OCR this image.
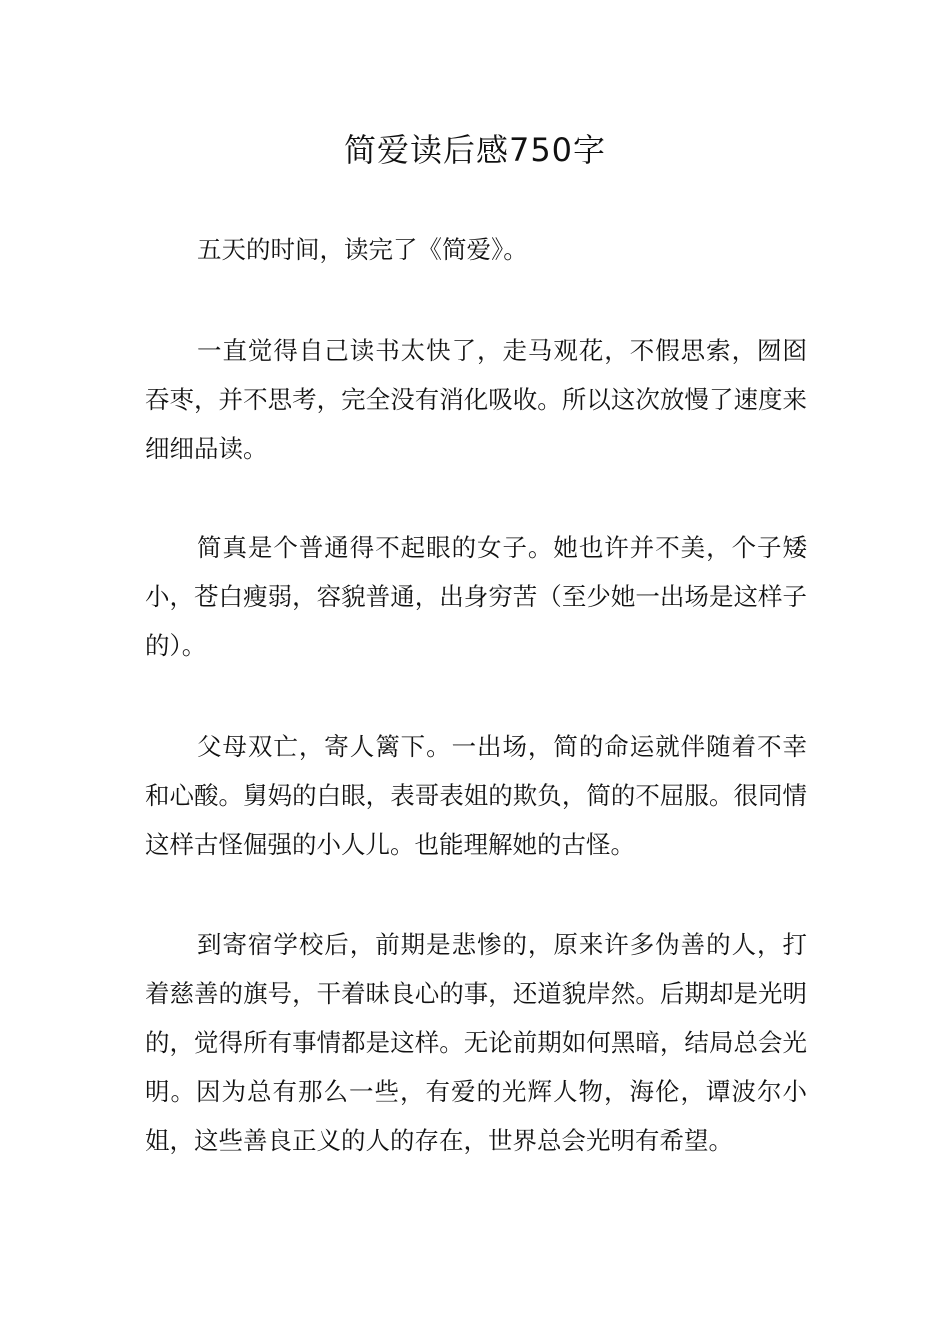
简爱读后感750字

五天的时间，读完了《简爱》。

一直觉得自己读书太快了，走马观花，不假思索，囫囵吞枣，并不思考，完全没有消化吸收。所以这次放慢了速度来细细品读。

简真是个普通得不起眼的女子。她也许并不美，个子矮小，苍白瘦弱，容貌普通，出身穷苦（至少她一出场是这样子的）。

父母双亡，寄人篱下。一出场，简的命运就伴随着不幸和心酸。舅妈的白眼，表哥表姐的欺负，简的不屈服。很同情这样古怪倔强的小人儿。也能理解她的古怪。

到寄宿学校后，前期是悲惨的，原来许多伪善的人，打着慈善的旗号，干着昧良心的事，还道貌岸然。后期却是光明的，觉得所有事情都是这样。无论前期如何黑暗，结局总会光明。因为总有那么一些，有爱的光辉人物，海伦，谭波尔小姐，这些善良正义的人的存在，世界总会光明有希望。
